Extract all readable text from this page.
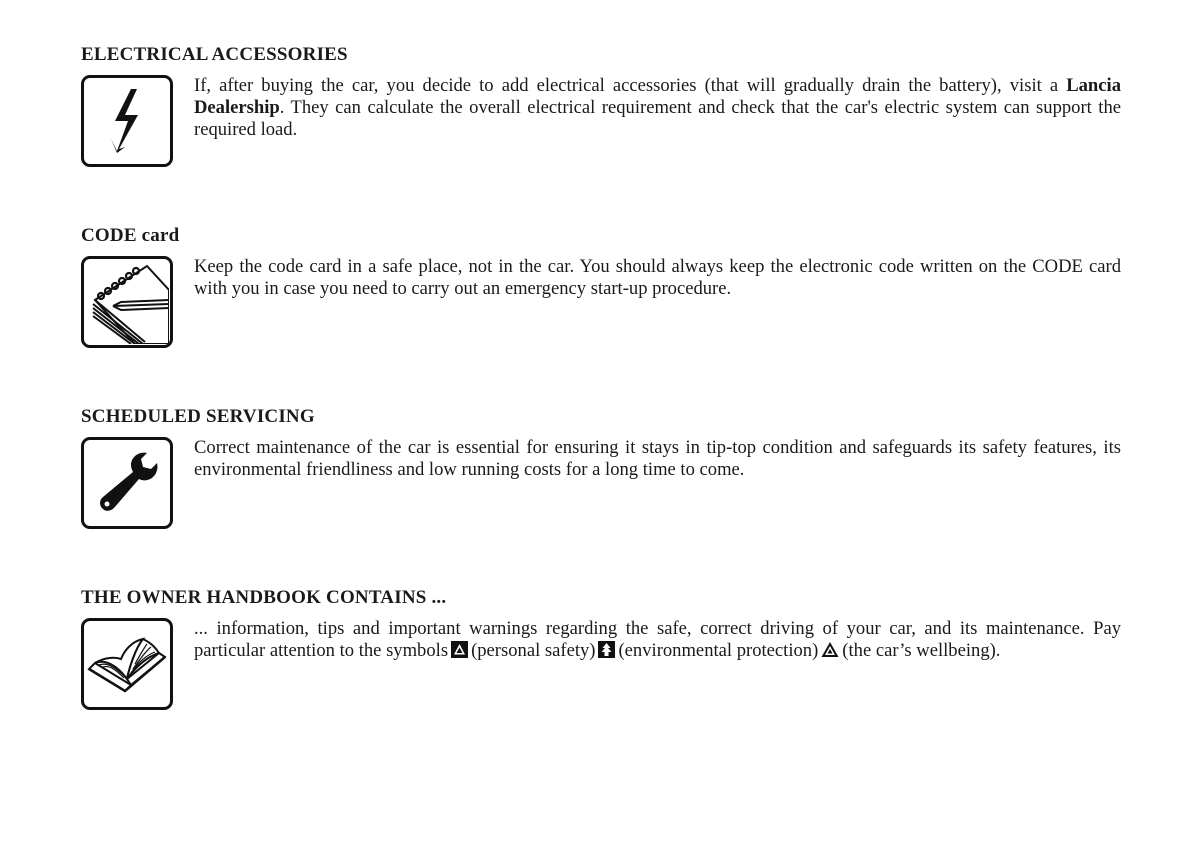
ELECTRICAL ACCESSORIES

If, after buying the car, you decide to add electrical accessories (that will gradually drain the battery), visit a Lancia Dealership. They can calculate the overall electrical requirement and check that the car's electric system can support the required load.

CODE card

Keep the code card in a safe place, not in the car. You should always keep the electronic code written on the CODE card with you in case you need to carry out an emergency start-up procedure.

SCHEDULED SERVICING

Correct maintenance of the car is essential for ensuring it stays in tip-top condition and safeguards its safety features, its environmental friendliness and low running costs for a long time to come.

THE OWNER HANDBOOK CONTAINS ...

... information, tips and important warnings regarding the safe, correct driving of your car, and its maintenance. Pay particular attention to the symbols (personal safety) (environmental protection) (the car’s wellbeing).
